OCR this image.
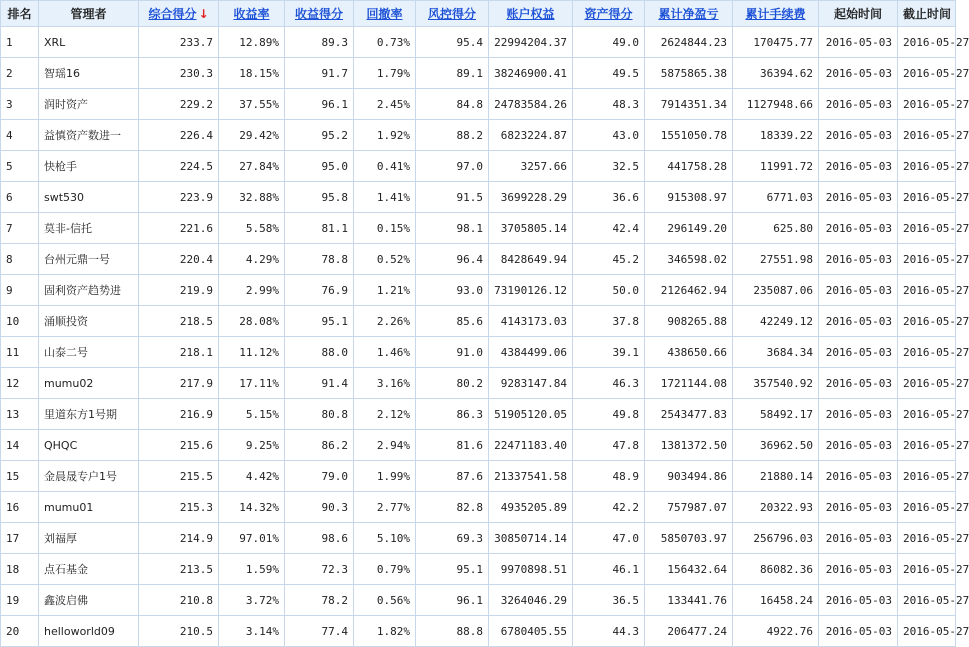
排名	管理者	综合得分 ↓	收益率	收益得分	回撤率	风控得分	账户权益	资产得分	累计净盈亏	累计手续费	起始时间	截止时间
1	XRL	233.7	12.89%	89.3	0.73%	95.4	22994204.37	49.0	2624844.23	170475.77	2016-05-03	2016-05-27
2	智瑶16	230.3	18.15%	91.7	1.79%	89.1	38246900.41	49.5	5875865.38	36394.62	2016-05-03	2016-05-27
3	润时资产	229.2	37.55%	96.1	2.45%	84.8	24783584.26	48.3	7914351.34	1127948.66	2016-05-03	2016-05-27
4	益慎资产数进一	226.4	29.42%	95.2	1.92%	88.2	6823224.87	43.0	1551050.78	18339.22	2016-05-03	2016-05-27
5	快枪手	224.5	27.84%	95.0	0.41%	97.0	3257.66	32.5	441758.28	11991.72	2016-05-03	2016-05-27
6	swt530	223.9	32.88%	95.8	1.41%	91.5	3699228.29	36.6	915308.97	6771.03	2016-05-03	2016-05-27
7	莫非-信托	221.6	5.58%	81.1	0.15%	98.1	3705805.14	42.4	296149.20	625.80	2016-05-03	2016-05-27
8	台州元鼎一号	220.4	4.29%	78.8	0.52%	96.4	8428649.94	45.2	346598.02	27551.98	2016-05-03	2016-05-27
9	固利资产趋势进	219.9	2.99%	76.9	1.21%	93.0	73190126.12	50.0	2126462.94	235087.06	2016-05-03	2016-05-27
10	涌顺投资	218.5	28.08%	95.1	2.26%	85.6	4143173.03	37.8	908265.88	42249.12	2016-05-03	2016-05-27
11	山泰二号	218.1	11.12%	88.0	1.46%	91.0	4384499.06	39.1	438650.66	3684.34	2016-05-03	2016-05-27
12	mumu02	217.9	17.11%	91.4	3.16%	80.2	9283147.84	46.3	1721144.08	357540.92	2016-05-03	2016-05-27
13	里道东方1号期	216.9	5.15%	80.8	2.12%	86.3	51905120.05	49.8	2543477.83	58492.17	2016-05-03	2016-05-27
14	QHQC	215.6	9.25%	86.2	2.94%	81.6	22471183.40	47.8	1381372.50	36962.50	2016-05-03	2016-05-27
15	金晨晟专户1号	215.5	4.42%	79.0	1.99%	87.6	21337541.58	48.9	903494.86	21880.14	2016-05-03	2016-05-27
16	mumu01	215.3	14.32%	90.3	2.77%	82.8	4935205.89	42.2	757987.07	20322.93	2016-05-03	2016-05-27
17	刘福厚	214.9	97.01%	98.6	5.10%	69.3	30850714.14	47.0	5850703.97	256796.03	2016-05-03	2016-05-27
18	点石基金	213.5	1.59%	72.3	0.79%	95.1	9970898.51	46.1	156432.64	86082.36	2016-05-03	2016-05-27
19	鑫波启佛	210.8	3.72%	78.2	0.56%	96.1	3264046.29	36.5	133441.76	16458.24	2016-05-03	2016-05-27
20	helloworld09	210.5	3.14%	77.4	1.82%	88.8	6780405.55	44.3	206477.24	4922.76	2016-05-03	2016-05-27
